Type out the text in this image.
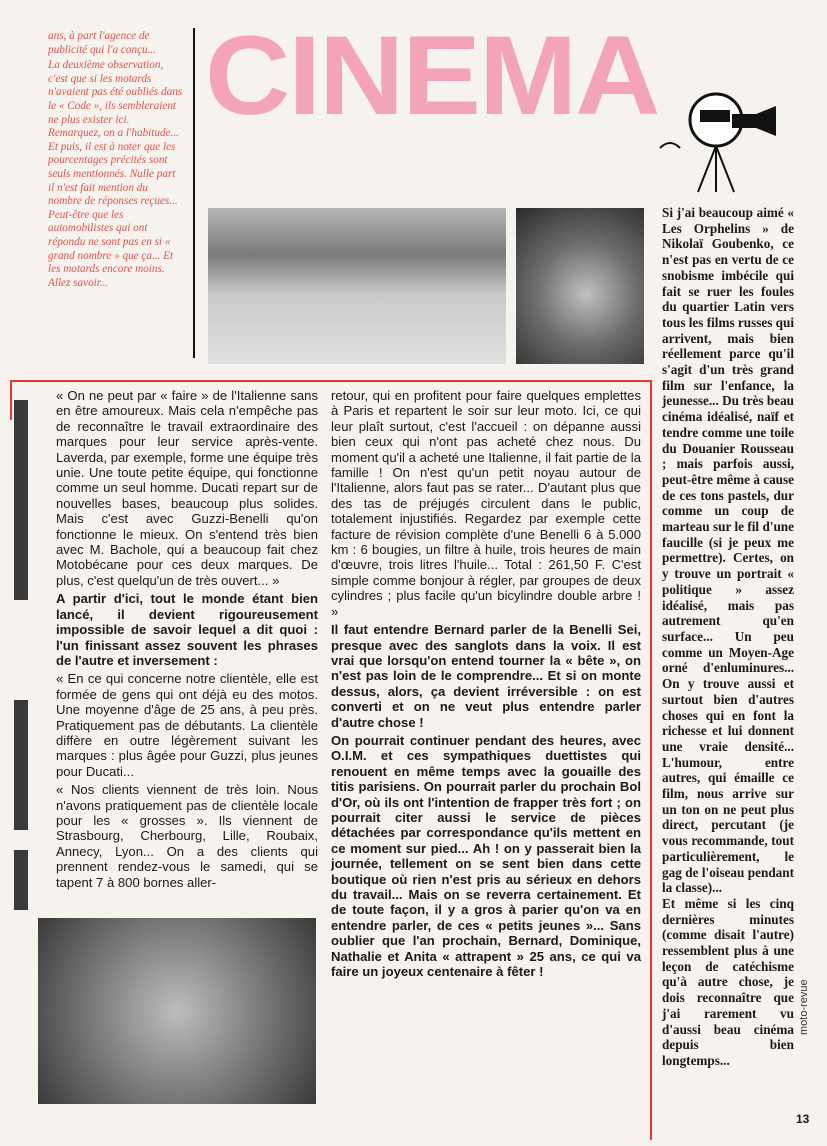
ans, à part l'agence de publicité qui l'a conçu...

La deuxième observation, c'est que si les motards n'avaient pas été oubliés dans le « Code », ils sembleraient ne plus exister ici. Remarquez, on a l'habitude... Et puis, il est à noter que les pourcentages précités sont seuls mentionnés. Nulle part il n'est fait mention du nombre de réponses reçues... Peut-être que les automobilistes qui ont répondu ne sont pas en si « grand nombre » que ça... Et les motards encore moins. Allez savoir...

CINEMA

« On ne peut par « faire » de l'Italienne sans en être amoureux. Mais cela n'empêche pas de reconnaître le travail extraordinaire des marques pour leur service après-vente. Laverda, par exemple, forme une équipe très unie. Une toute petite équipe, qui fonctionne comme un seul homme. Ducati repart sur de nouvelles bases, beaucoup plus solides. Mais c'est avec Guzzi-Benelli qu'on fonctionne le mieux. On s'entend très bien avec M. Bachole, qui a beaucoup fait chez Motobécane pour ces deux marques. De plus, c'est quelqu'un de très ouvert... »

A partir d'ici, tout le monde étant bien lancé, il devient rigoureusement impossible de savoir lequel a dit quoi : l'un finissant assez souvent les phrases de l'autre et inversement :

« En ce qui concerne notre clientèle, elle est formée de gens qui ont déjà eu des motos. Une moyenne d'âge de 25 ans, à peu près. Pratiquement pas de débutants. La clientèle diffère en outre légèrement suivant les marques : plus âgée pour Guzzi, plus jeunes pour Ducati...

« Nos clients viennent de très loin. Nous n'avons pratiquement pas de clientèle locale pour les « grosses ». Ils viennent de Strasbourg, Cherbourg, Lille, Roubaix, Annecy, Lyon... On a des clients qui prennent rendez-vous le samedi, qui se tapent 7 à 800 bornes aller-

retour, qui en profitent pour faire quelques emplettes à Paris et repartent le soir sur leur moto. Ici, ce qui leur plaît surtout, c'est l'accueil : on dépanne aussi bien ceux qui n'ont pas acheté chez nous. Du moment qu'il a acheté une Italienne, il fait partie de la famille ! On n'est qu'un petit noyau autour de l'Italienne, alors faut pas se rater... D'autant plus que des tas de préjugés circulent dans le public, totalement injustifiés. Regardez par exemple cette facture de révision complète d'une Benelli 6 à 5.000 km : 6 bougies, un filtre à huile, trois heures de main d'œuvre, trois litres l'huile... Total : 261,50 F. C'est simple comme bonjour à régler, par groupes de deux cylindres ; plus facile qu'un bicylindre double arbre ! »

Il faut entendre Bernard parler de la Benelli Sei, presque avec des sanglots dans la voix. Il est vrai que lorsqu'on entend tourner la « bête », on n'est pas loin de le comprendre... Et si on monte dessus, alors, ça devient irréversible : on est converti et on ne veut plus entendre parler d'autre chose !

On pourrait continuer pendant des heures, avec O.I.M. et ces sympathiques duettistes qui renouent en même temps avec la gouaille des titis parisiens. On pourrait parler du prochain Bol d'Or, où ils ont l'intention de frapper très fort ; on pourrait citer aussi le service de pièces détachées par correspondance qu'ils mettent en ce moment sur pied... Ah ! on y passerait bien la journée, tellement on se sent bien dans cette boutique où rien n'est pris au sérieux en dehors du travail... Mais on se reverra certainement. Et de toute façon, il y a gros à parier qu'on va en entendre parler, de ces « petits jeunes »... Sans oublier que l'an prochain, Bernard, Dominique, Nathalie et Anita « attrapent » 25 ans, ce qui va faire un joyeux centenaire à fêter !

Si j'ai beaucoup aimé « Les Orphelins » de Nikolaï Goubenko, ce n'est pas en vertu de ce snobisme imbécile qui fait se ruer les foules du quartier Latin vers tous les films russes qui arrivent, mais bien réellement parce qu'il s'agit d'un très grand film sur l'enfance, la jeunesse... Du très beau cinéma idéalisé, naïf et tendre comme une toile du Douanier Rousseau ; mais parfois aussi, peut-être même à cause de ces tons pastels, dur comme un coup de marteau sur le fil d'une faucille (si je peux me permettre). Certes, on y trouve un portrait « politique » assez idéalisé, mais pas autrement qu'en surface... Un peu comme un Moyen-Age orné d'enluminures... On y trouve aussi et surtout bien d'autres choses qui en font la richesse et lui donnent une vraie densité... L'humour, entre autres, qui émaille ce film, nous arrive sur un ton on ne peut plus direct, percutant (je vous recommande, tout particulièrement, le gag de l'oiseau pendant la classe)...

Et même si les cinq dernières minutes (comme disait l'autre) ressemblent plus à une leçon de catéchisme qu'à autre chose, je dois reconnaître que j'ai rarement vu d'aussi beau cinéma depuis bien longtemps...

moto-revue
13
